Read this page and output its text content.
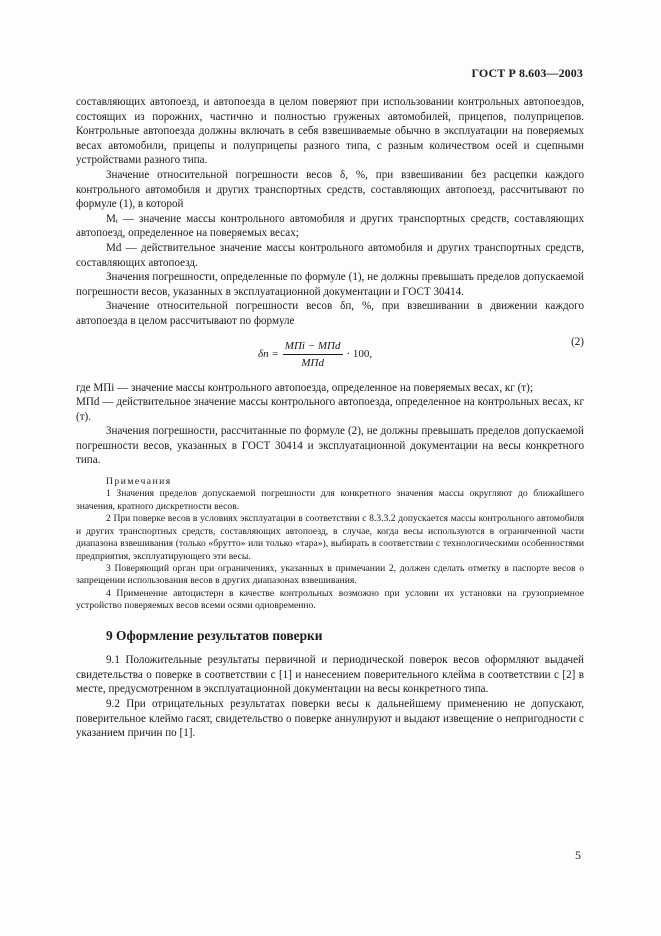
ГОСТ Р 8.603—2003

составляющих автопоезд, и автопоезда в целом поверяют при использовании контрольных автопоездов, состоящих из порожних, частично и полностью груженых автомобилей, прицепов, полуприцепов. Контрольные автопоезда должны включать в себя взвешиваемые обычно в эксплуатации на поверяемых весах автомобили, прицепы и полуприцепы разного типа, с разным количеством осей и сцепными устройствами разного типа.

Значение относительной погрешности весов δ, %, при взвешивании без расцепки каждого контрольного автомобиля и других транспортных средств, составляющих автопоезд, рассчитывают по формуле (1), в которой

Mᵢ — значение массы контрольного автомобиля и других транспортных средств, составляющих автопоезд, определенное на поверяемых весах;

Md — действительное значение массы контрольного автомобиля и других транспортных средств, составляющих автопоезд.

Значения погрешности, определенные по формуле (1), не должны превышать пределов допускаемой погрешности весов, указанных в эксплуатационной документации и ГОСТ 30414.

Значение относительной погрешности весов δп, %, при взвешивании в движении каждого автопоезда в целом рассчитывают по формуле

$\delta п = \frac{\text{MПi − MПd}}{\text{MПd}} \cdot 100$,
(2)

где MПi — значение массы контрольного автопоезда, определенное на поверяемых весах, кг (т);

MПd — действительное значение массы контрольного автопоезда, определенное на контрольных весах, кг (т).

Значения погрешности, рассчитанные по формуле (2), не должны превышать пределов допускаемой погрешности весов, указанных в ГОСТ 30414 и эксплуатационной документации на весы конкретного типа.

Примечания

1 Значения пределов допускаемой погрешности для конкретного значения массы округляют до ближайшего значения, кратного дискретности весов.

2 При поверке весов в условиях эксплуатации в соответствии с 8.3.3.2 допускается массы контрольного автомобиля и других транспортных средств, составляющих автопоезд, в случае, когда весы используются в ограниченной части диапазона взвешивания (только «брутто» или только «тара»), выбирать в соответствии с технологическими особенностями предприятия, эксплуатирующего эти весы.

3 Поверяющий орган при ограничениях, указанных в примечании 2, должен сделать отметку в паспорте весов о запрещении использования весов в других диапазонах взвешивания.

4 Применение автоцистерн в качестве контрольных возможно при условии их установки на грузоприемное устройство поверяемых весов всеми осями одновременно.

9 Оформление результатов поверки

9.1 Положительные результаты первичной и периодической поверок весов оформляют выдачей свидетельства о поверке в соответствии с [1] и нанесением поверительного клейма в соответствии с [2] в месте, предусмотренном в эксплуатационной документации на весы конкретного типа.

9.2 При отрицательных результатах поверки весы к дальнейшему применению не допускают, поверительное клеймо гасят, свидетельство о поверке аннулируют и выдают извещение о непригодности с указанием причин по [1].

5
